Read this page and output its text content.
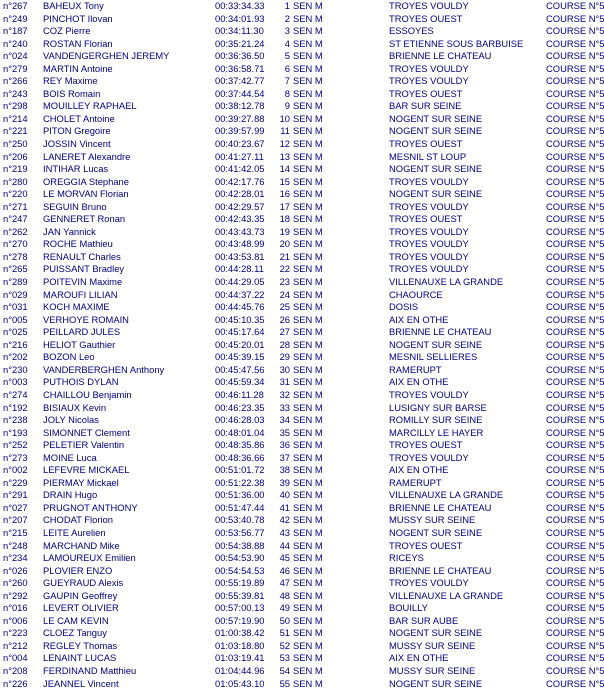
n°267	BAHEUX Tony	00:33:34.33	1 SEN M	TROYES VOULDY	COURSE N°5
n°249	PINCHOT Ilovan	00:34:01.93	2 SEN M	TROYES OUEST	COURSE N°5
n°187	COZ Pierre	00:34:11.30	3 SEN M	ESSOYES	COURSE N°5
n°240	ROSTAN Florian	00:35:21.24	4 SEN M	ST ETIENNE SOUS BARBUISE	COURSE N°5
n°024	VANDENGERGHEN JEREMY	00:36:36.50	5 SEN M	BRIENNE LE CHATEAU	COURSE N°5
n°279	MARTIN Antoine	00:36:58.71	6 SEN M	TROYES VOULDY	COURSE N°5
n°266	REY Maxime	00:37:42.77	7 SEN M	TROYES VOULDY	COURSE N°5
n°243	BOIS Romain	00:37:44.54	8 SEN M	TROYES OUEST	COURSE N°5
n°298	MOUILLEY RAPHAEL	00:38:12.78	9 SEN M	BAR SUR SEINE	COURSE N°5
n°214	CHOLET Antoine	00:39:27.88	10 SEN M	NOGENT SUR SEINE	COURSE N°5
n°221	PITON Gregoire	00:39:57.99	11 SEN M	NOGENT SUR SEINE	COURSE N°5
n°250	JOSSIN Vincent	00:40:23.67	12 SEN M	TROYES OUEST	COURSE N°5
n°206	LANERET Alexandre	00:41:27.11	13 SEN M	MESNIL ST LOUP	COURSE N°5
n°219	INTIHAR Lucas	00:41:42.05	14 SEN M	NOGENT SUR SEINE	COURSE N°5
n°280	OREGGIA Stephane	00:42:17.76	15 SEN M	TROYES VOULDY	COURSE N°5
n°220	LE MORVAN Florian	00:42:28.01	16 SEN M	NOGENT SUR SEINE	COURSE N°5
n°271	SEGUIN Bruno	00:42:29.57	17 SEN M	TROYES VOULDY	COURSE N°5
n°247	GENNERET Ronan	00:42:43.35	18 SEN M	TROYES OUEST	COURSE N°5
n°262	JAN Yannick	00:43:43.73	19 SEN M	TROYES VOULDY	COURSE N°5
n°270	ROCHE Mathieu	00:43:48.99	20 SEN M	TROYES VOULDY	COURSE N°5
n°278	RENAULT Charles	00:43:53.81	21 SEN M	TROYES VOULDY	COURSE N°5
n°265	PUISSANT Bradley	00:44:28.11	22 SEN M	TROYES VOULDY	COURSE N°5
n°289	POITEVIN Maxime	00:44:29.05	23 SEN M	VILLENAUXE LA GRANDE	COURSE N°5
n°029	MAROUFI LILIAN	00:44:37.22	24 SEN M	CHAOURCE	COURSE N°5
n°031	KOCH MAXIME	00:44:45.76	25 SEN M	DOSIS	COURSE N°5
n°005	VERHOYE ROMAIN	00:45:10.35	26 SEN M	AIX EN OTHE	COURSE N°5
n°025	PEILLARD JULES	00:45:17.64	27 SEN M	BRIENNE LE CHATEAU	COURSE N°5
n°216	HELIOT Gauthier	00:45:20.01	28 SEN M	NOGENT SUR SEINE	COURSE N°5
n°202	BOZON Leo	00:45:39.15	29 SEN M	MESNIL SELLIERES	COURSE N°5
n°230	VANDERBERGHEN Anthony	00:45:47.56	30 SEN M	RAMERUPT	COURSE N°5
n°003	PUTHOIS DYLAN	00:45:59.34	31 SEN M	AIX EN OTHE	COURSE N°5
n°274	CHAILLOU Benjamin	00:46:11.28	32 SEN M	TROYES VOULDY	COURSE N°5
n°192	BISIAUX Kevin	00:46:23.35	33 SEN M	LUSIGNY SUR BARSE	COURSE N°5
n°238	JOLY Nicolas	00:46:28.03	34 SEN M	ROMILLY SUR SEINE	COURSE N°5
n°193	SIMONNET Clement	00:48:01.04	35 SEN M	MARCILLY LE HAYER	COURSE N°5
n°252	PELETIER Valentin	00:48:35.86	36 SEN M	TROYES OUEST	COURSE N°5
n°273	MOINE Luca	00:48:36.66	37 SEN M	TROYES VOULDY	COURSE N°5
n°002	LEFEVRE MICKAEL	00:51:01.72	38 SEN M	AIX EN OTHE	COURSE N°5
n°229	PIERMAY Mickael	00:51:22.38	39 SEN M	RAMERUPT	COURSE N°5
n°291	DRAIN Hugo	00:51:36.00	40 SEN M	VILLENAUXE LA GRANDE	COURSE N°5
n°027	PRUGNOT ANTHONY	00:51:47.44	41 SEN M	BRIENNE LE CHATEAU	COURSE N°5
n°207	CHODAT Florion	00:53:40.78	42 SEN M	MUSSY SUR SEINE	COURSE N°5
n°215	LEITE Aurelien	00:53:56.77	43 SEN M	NOGENT SUR SEINE	COURSE N°5
n°248	MARCHAND Mike	00:54:38.88	44 SEN M	TROYES OUEST	COURSE N°5
n°234	LAMOUREUX Emilien	00:54:53.90	45 SEN M	RICEYS	COURSE N°5
n°026	PLOVIER ENZO	00:54:54.53	46 SEN M	BRIENNE LE CHATEAU	COURSE N°5
n°260	GUEYRAUD Alexis	00:55:19.89	47 SEN M	TROYES VOULDY	COURSE N°5
n°292	GAUPIN Geoffrey	00:55:39.81	48 SEN M	VILLENAUXE LA GRANDE	COURSE N°5
n°016	LEVERT OLIVIER	00:57:00.13	49 SEN M	BOUILLY	COURSE N°5
n°006	LE CAM KEVIN	00:57:19.90	50 SEN M	BAR SUR AUBE	COURSE N°5
n°223	CLOEZ Tanguy	01:00:38.42	51 SEN M	NOGENT SUR SEINE	COURSE N°5
n°212	REGLEY Thomas	01:03:18.80	52 SEN M	MUSSY SUR SEINE	COURSE N°5
n°004	LENAINT LUCAS	01:03:19.41	53 SEN M	AIX EN OTHE	COURSE N°5
n°208	FERDINAND Matthieu	01:04:44.96	54 SEN M	MUSSY SUR SEINE	COURSE N°5
n°226	JEANNEL Vincent	01:05:43.10	55 SEN M	NOGENT SUR SEINE	COURSE N°5
